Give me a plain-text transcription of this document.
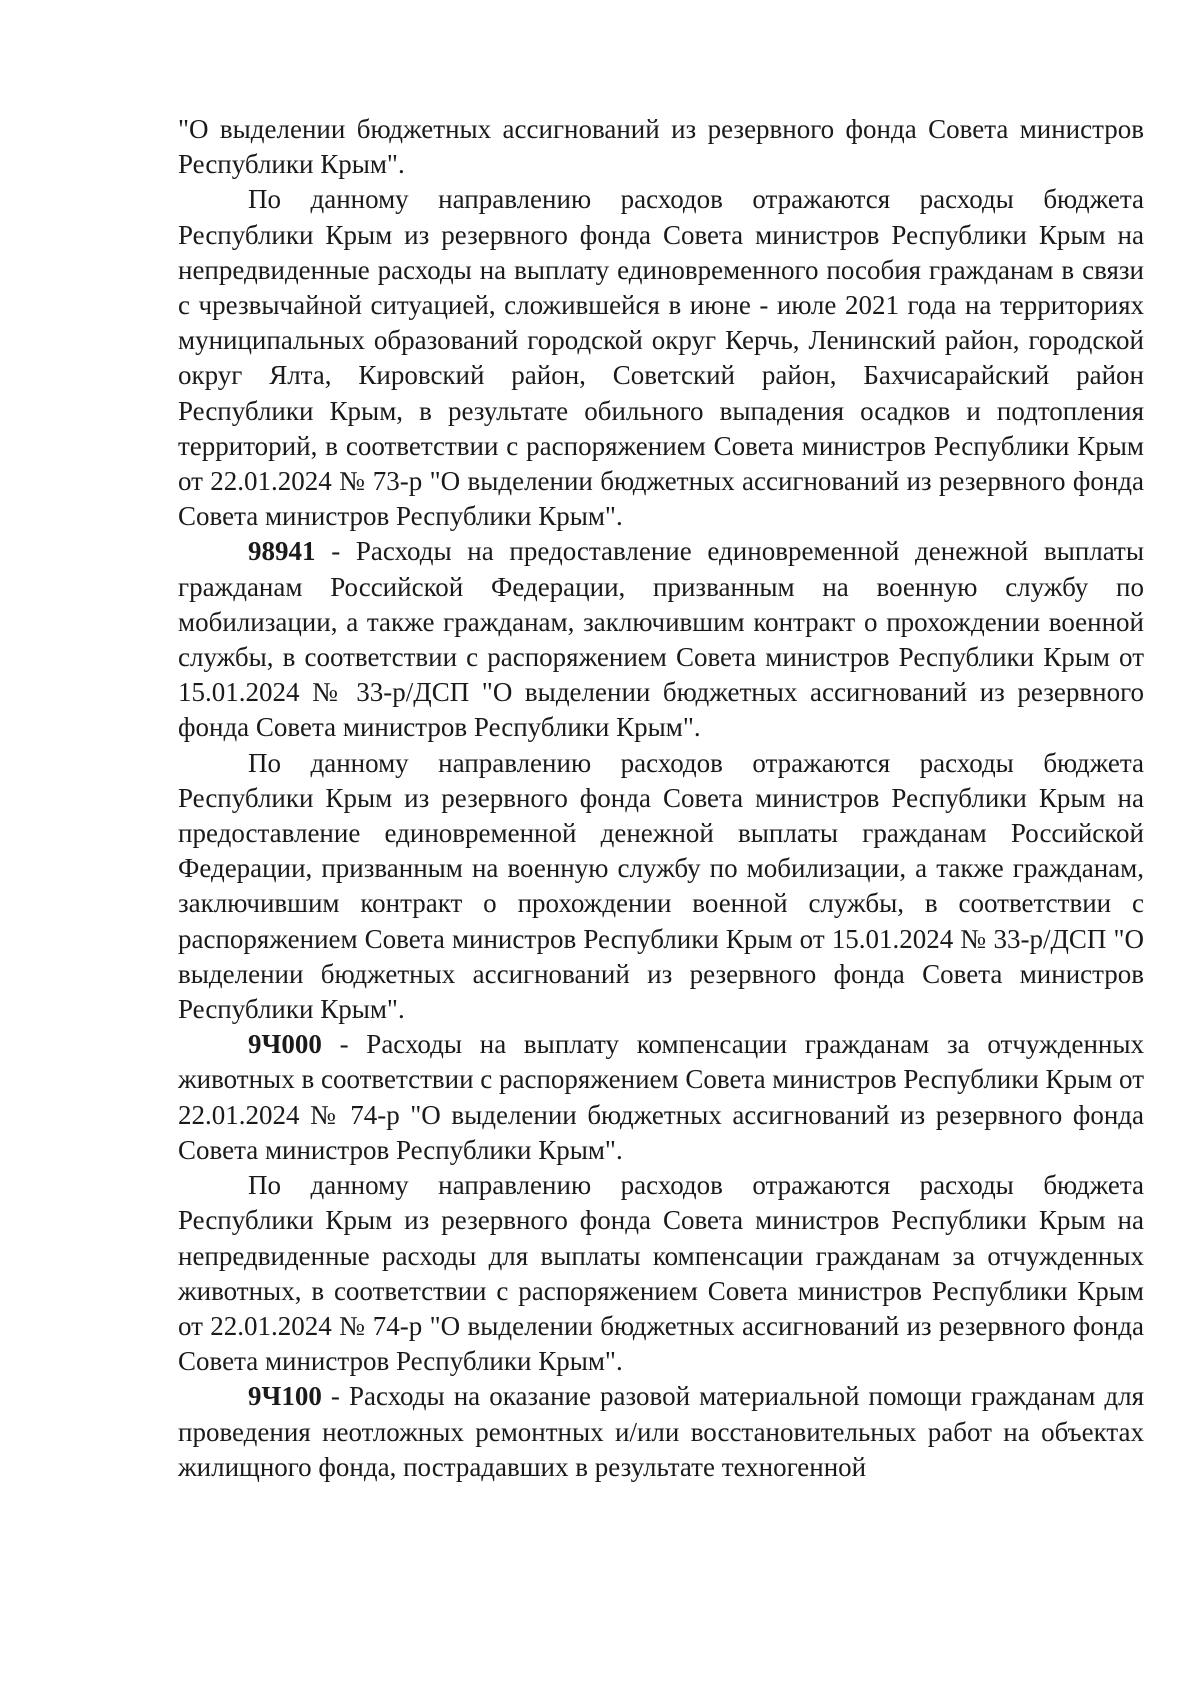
"О выделении бюджетных ассигнований из резервного фонда Совета министров Республики Крым".

По данному направлению расходов отражаются расходы бюджета Республики Крым из резервного фонда Совета министров Республики Крым на непредвиденные расходы на выплату единовременного пособия гражданам в связи с чрезвычайной ситуацией, сложившейся в июне - июле 2021 года на территориях муниципальных образований городской округ Керчь, Ленинский район, городской округ Ялта, Кировский район, Советский район, Бахчисарайский район Республики Крым, в результате обильного выпадения осадков и подтопления территорий, в соответствии с распоряжением Совета министров Республики Крым от 22.01.2024 № 73-р "О выделении бюджетных ассигнований из резервного фонда Совета министров Республики Крым".

98941 - Расходы на предоставление единовременной денежной выплаты гражданам Российской Федерации, призванным на военную службу по мобилизации, а также гражданам, заключившим контракт о прохождении военной службы, в соответствии с распоряжением Совета министров Республики Крым от 15.01.2024 № 33-р/ДСП "О выделении бюджетных ассигнований из резервного фонда Совета министров Республики Крым".

По данному направлению расходов отражаются расходы бюджета Республики Крым из резервного фонда Совета министров Республики Крым на предоставление единовременной денежной выплаты гражданам Российской Федерации, призванным на военную службу по мобилизации, а также гражданам, заключившим контракт о прохождении военной службы, в соответствии с распоряжением Совета министров Республики Крым от 15.01.2024 № 33-р/ДСП "О выделении бюджетных ассигнований из резервного фонда Совета министров Республики Крым".

9Ч000 - Расходы на выплату компенсации гражданам за отчужденных животных в соответствии с распоряжением Совета министров Республики Крым от 22.01.2024 № 74-р "О выделении бюджетных ассигнований из резервного фонда Совета министров Республики Крым".

По данному направлению расходов отражаются расходы бюджета Республики Крым из резервного фонда Совета министров Республики Крым на непредвиденные расходы для выплаты компенсации гражданам за отчужденных животных, в соответствии с распоряжением Совета министров Республики Крым от 22.01.2024 № 74-р "О выделении бюджетных ассигнований из резервного фонда Совета министров Республики Крым".

9Ч100 - Расходы на оказание разовой материальной помощи гражданам для проведения неотложных ремонтных и/или восстановительных работ на объектах жилищного фонда, пострадавших в результате техногенной
